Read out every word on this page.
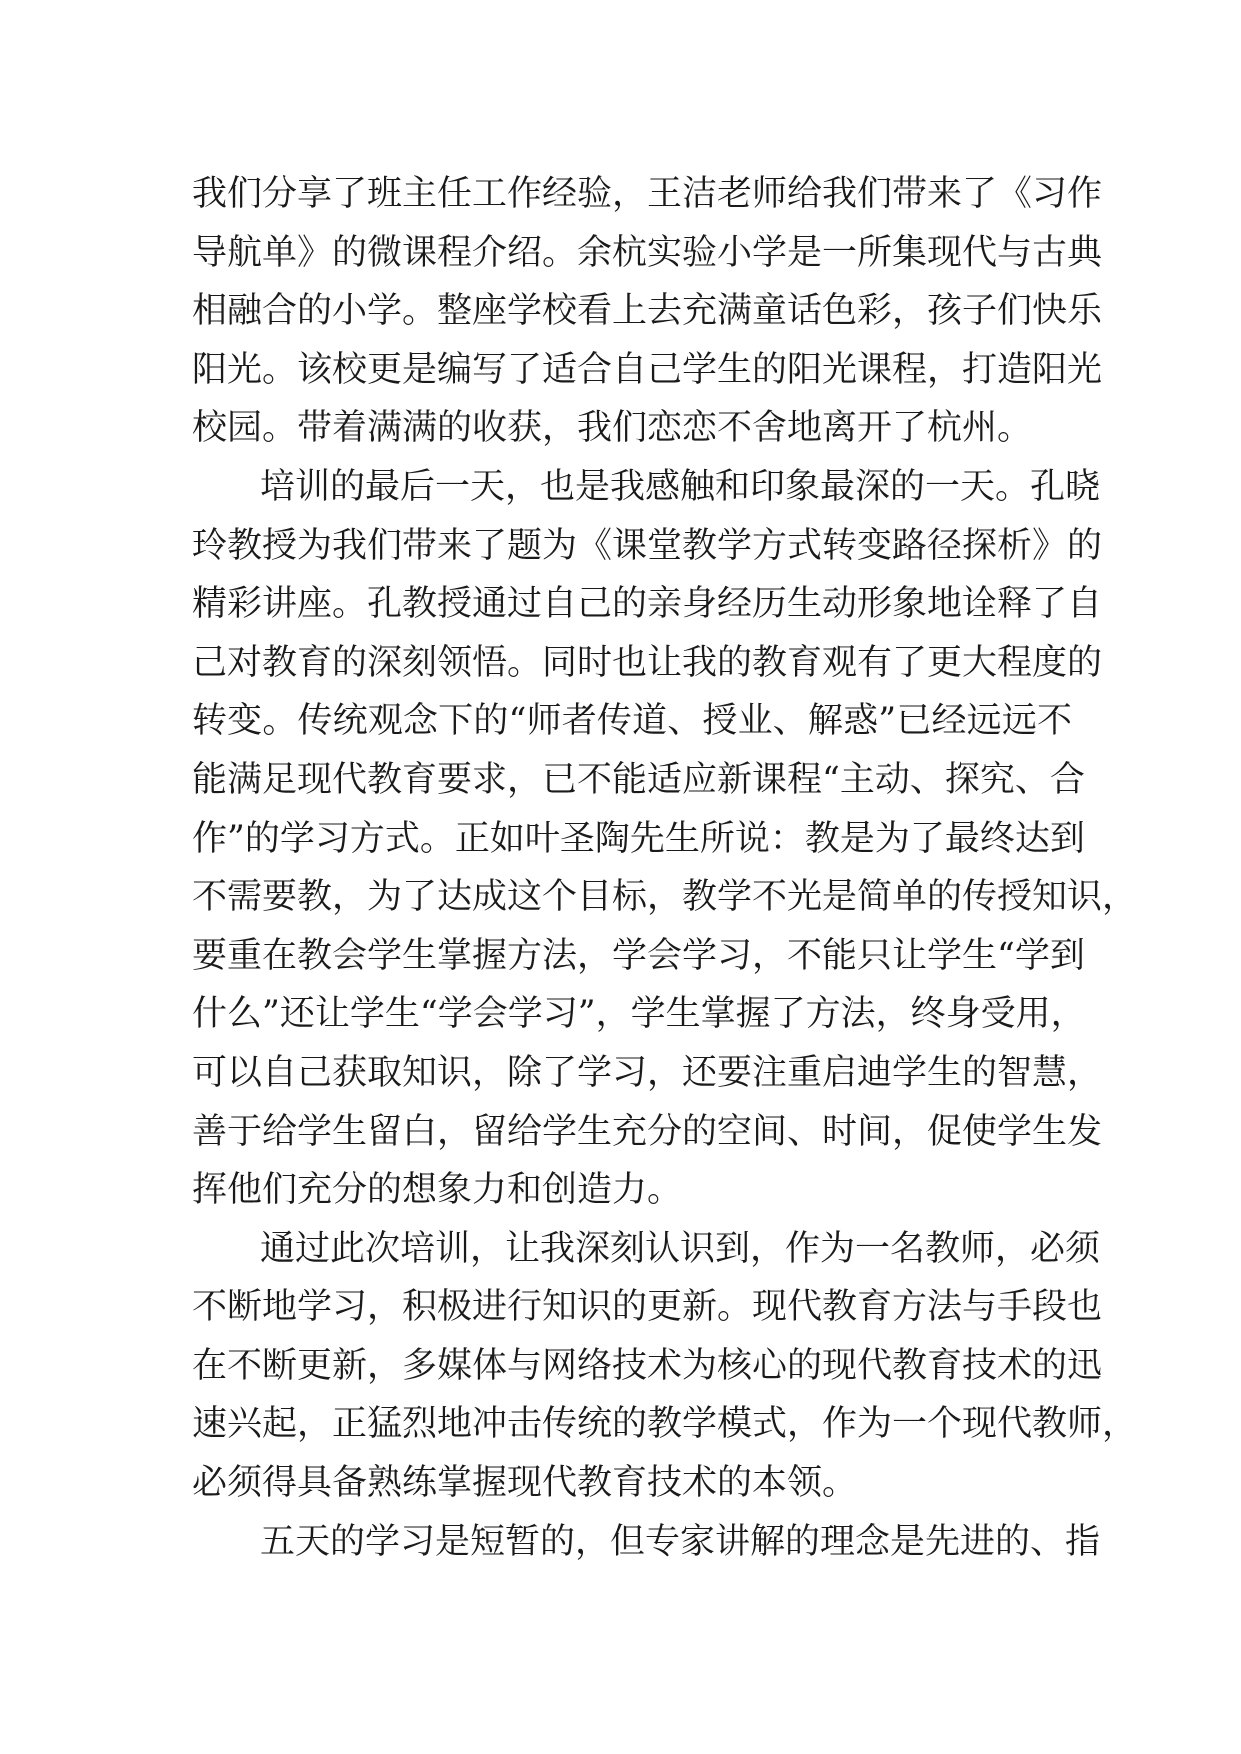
我们分享了班主任工作经验，王洁老师给我们带来了《习作
导航单》的微课程介绍。余杭实验小学是一所集现代与古典
相融合的小学。整座学校看上去充满童话色彩，孩子们快乐
阳光。该校更是编写了适合自己学生的阳光课程，打造阳光
校园。带着满满的收获，我们恋恋不舍地离开了杭州。
培训的最后一天，也是我感触和印象最深的一天。孔晓
玲教授为我们带来了题为《课堂教学方式转变路径探析》的
精彩讲座。孔教授通过自己的亲身经历生动形象地诠释了自
己对教育的深刻领悟。同时也让我的教育观有了更大程度的
转变。传统观念下的“师者传道、授业、解惑”已经远远不
能满足现代教育要求，已不能适应新课程“主动、探究、合
作”的学习方式。正如叶圣陶先生所说：教是为了最终达到
不需要教，为了达成这个目标，教学不光是简单的传授知识，
要重在教会学生掌握方法，学会学习，不能只让学生“学到
什么”还让学生“学会学习”，学生掌握了方法，终身受用，
可以自己获取知识，除了学习，还要注重启迪学生的智慧，
善于给学生留白，留给学生充分的空间、时间，促使学生发
挥他们充分的想象力和创造力。
通过此次培训，让我深刻认识到，作为一名教师，必须
不断地学习，积极进行知识的更新。现代教育方法与手段也
在不断更新，多媒体与网络技术为核心的现代教育技术的迅
速兴起，正猛烈地冲击传统的教学模式，作为一个现代教师，
必须得具备熟练掌握现代教育技术的本领。
五天的学习是短暂的，但专家讲解的理念是先进的、指
